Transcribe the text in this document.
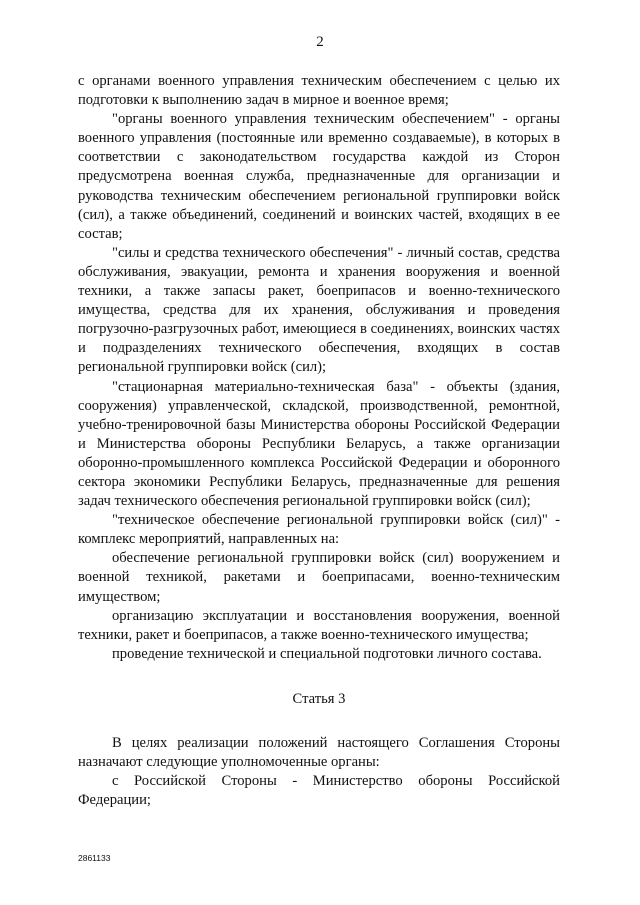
2

с органами военного управления техническим обеспечением с целью их подготовки к выполнению задач в мирное и военное время;

"органы военного управления техническим обеспечением" - органы военного управления (постоянные или временно создаваемые), в которых в соответствии с законодательством государства каждой из Сторон предусмотрена военная служба, предназначенные для организации и руководства техническим обеспечением региональной группировки войск (сил), а также объединений, соединений и воинских частей, входящих в ее состав;

"силы и средства технического обеспечения" - личный состав, средства обслуживания, эвакуации, ремонта и хранения вооружения и военной техники, а также запасы ракет, боеприпасов и военно-технического имущества, средства для их хранения, обслуживания и проведения погрузочно-разгрузочных работ, имеющиеся в соединениях, воинских частях и подразделениях технического обеспечения, входящих в состав региональной группировки войск (сил);

"стационарная материально-техническая база" - объекты (здания, сооружения) управленческой, складской, производственной, ремонтной, учебно-тренировочной базы Министерства обороны Российской Федерации и Министерства обороны Республики Беларусь, а также организации оборонно-промышленного комплекса Российской Федерации и оборонного сектора экономики Республики Беларусь, предназначенные для решения задач технического обеспечения региональной группировки войск (сил);

"техническое обеспечение региональной группировки войск (сил)" - комплекс мероприятий, направленных на:

обеспечение региональной группировки войск (сил) вооружением и военной техникой, ракетами и боеприпасами, военно-техническим имуществом;

организацию эксплуатации и восстановления вооружения, военной техники, ракет и боеприпасов, а также военно-технического имущества;

проведение технической и специальной подготовки личного состава.

Статья 3

В целях реализации положений настоящего Соглашения Стороны назначают следующие уполномоченные органы:

с Российской Стороны - Министерство обороны Российской Федерации;

2861133
